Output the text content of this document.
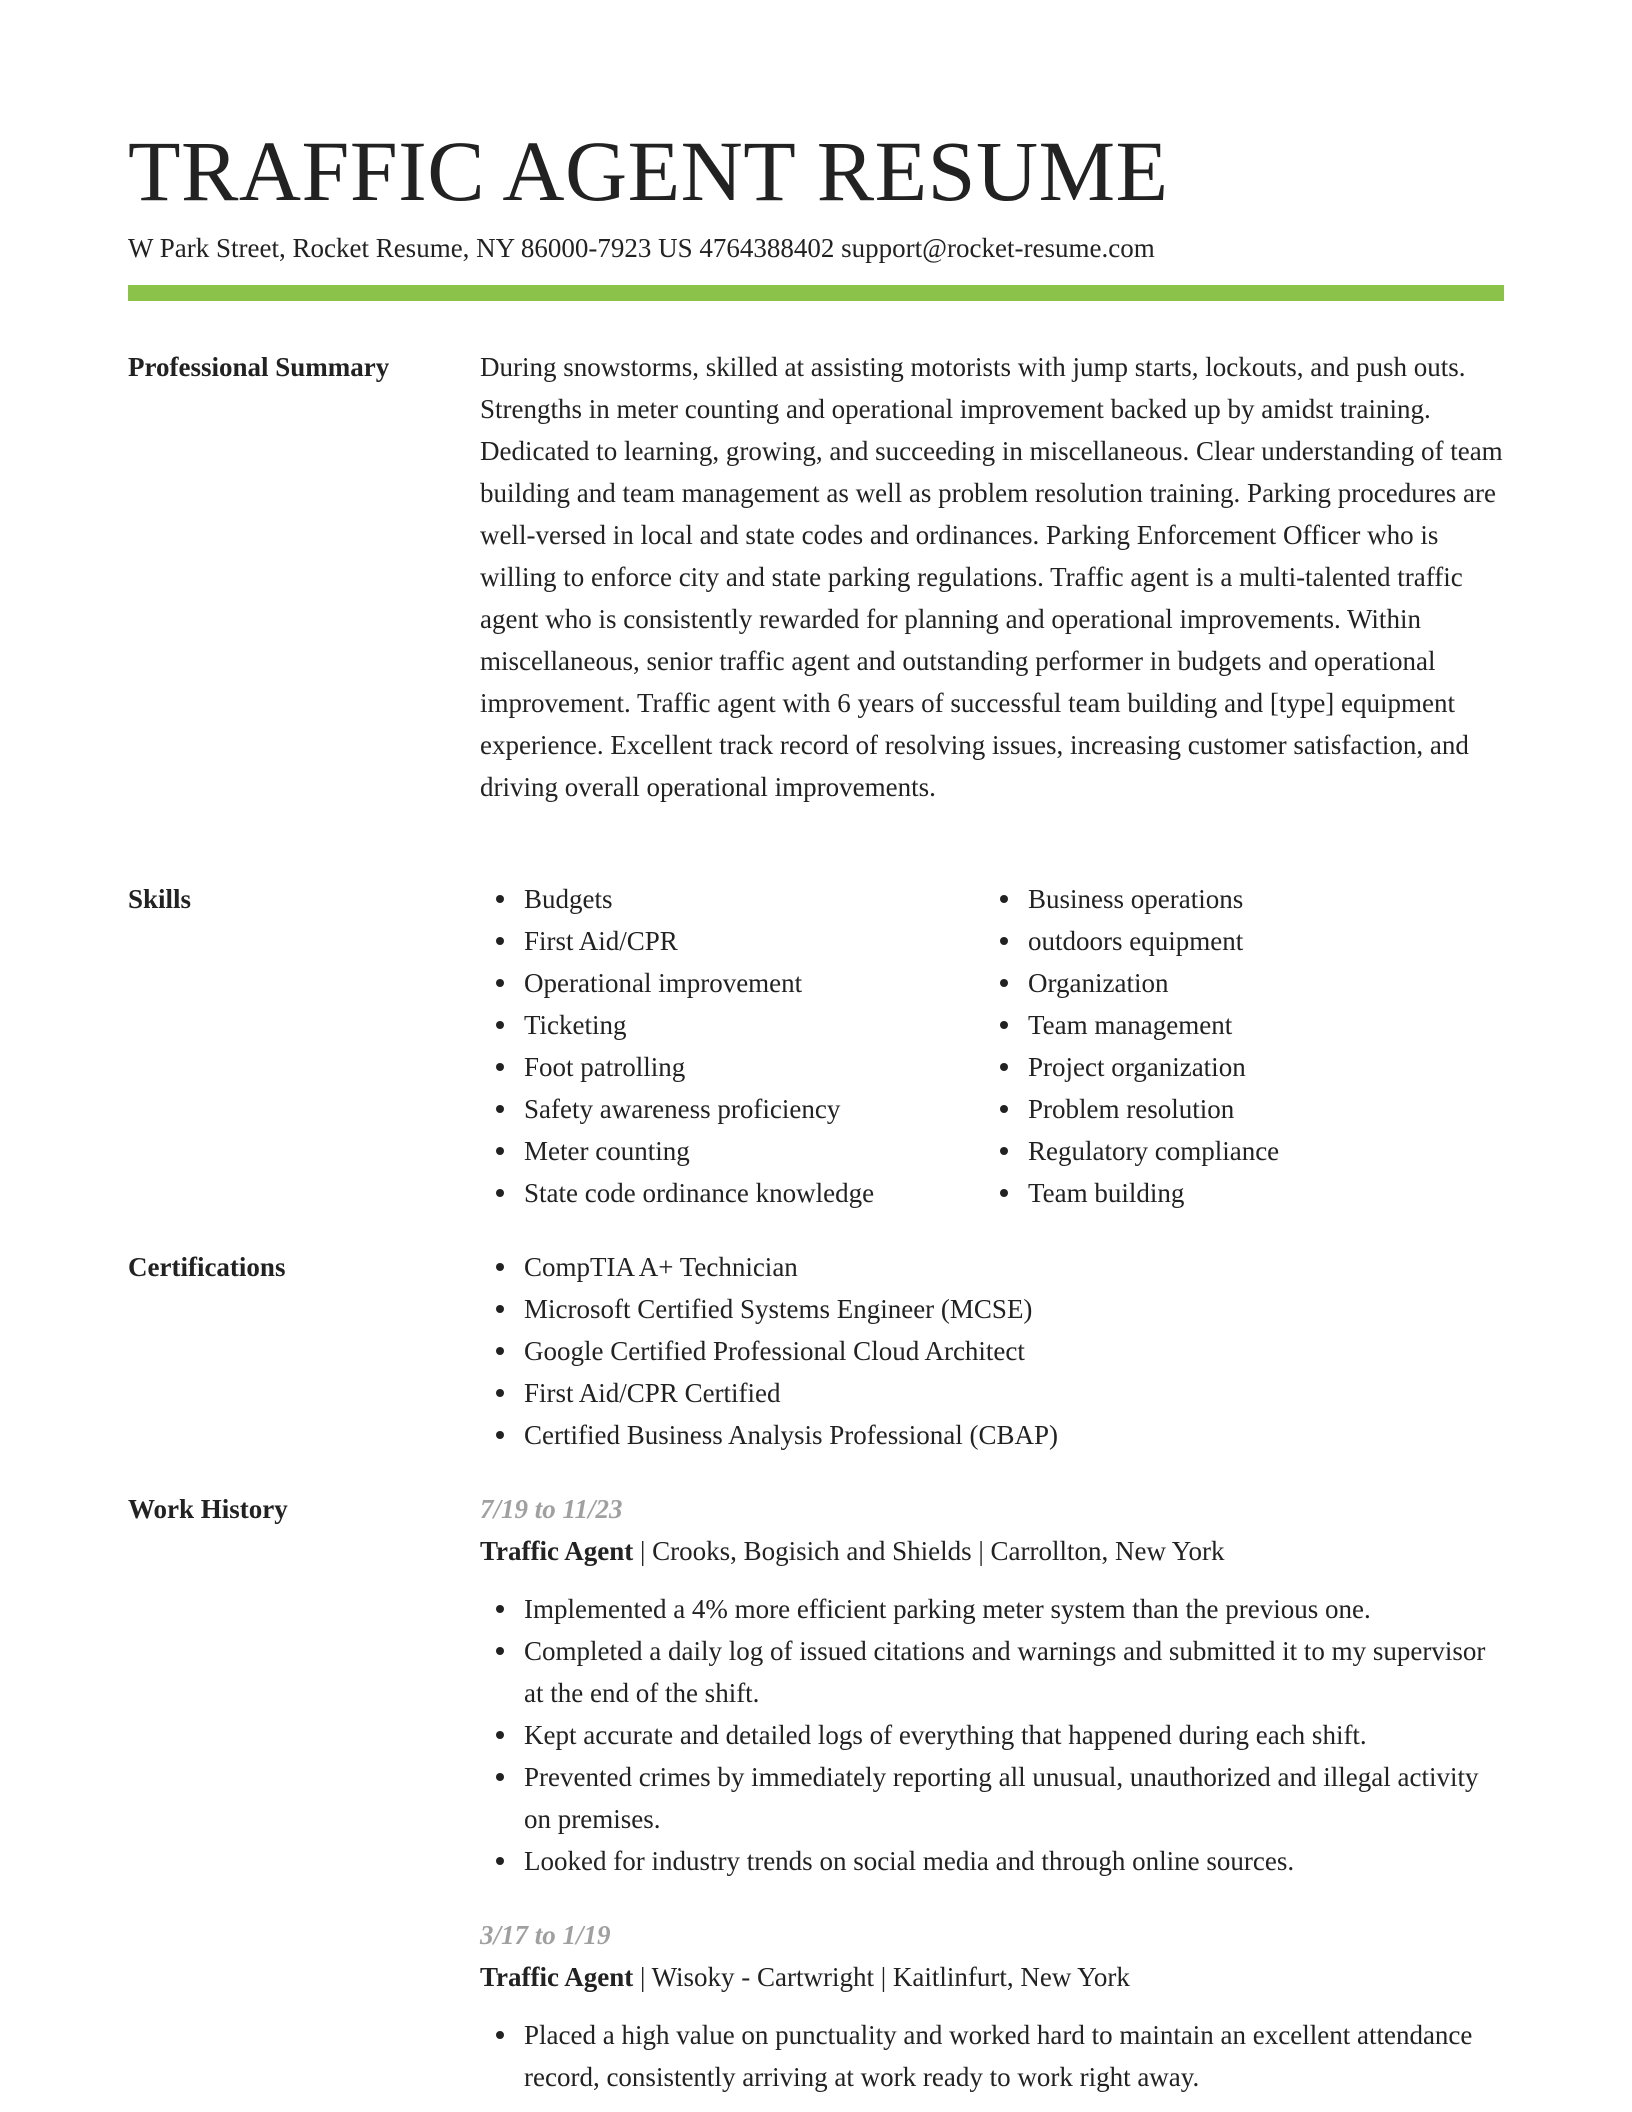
TRAFFIC AGENT RESUME
W Park Street, Rocket Resume, NY 86000-7923 US 4764388402 support@rocket-resume.com
Professional Summary	During snowstorms, skilled at assisting motorists with jump starts, lockouts, and push outs. Strengths in meter counting and operational improvement backed up by amidst training. Dedicated to learning, growing, and succeeding in miscellaneous. Clear understanding of team building and team management as well as problem resolution training. Parking procedures are well-versed in local and state codes and ordinances. Parking Enforcement Officer who is willing to enforce city and state parking regulations. Traffic agent is a multi-talented traffic agent who is consistently rewarded for planning and operational improvements. Within miscellaneous, senior traffic agent and outstanding performer in budgets and operational improvement. Traffic agent with 6 years of successful team building and [type] equipment experience. Excellent track record of resolving issues, increasing customer satisfaction, and driving overall operational improvements.

Skills	Budgets
First Aid/CPR
Operational improvement
Ticketing
Foot patrolling
Safety awareness proficiency
Meter counting
State code ordinance knowledge
Business operations
outdoors equipment
Organization
Team management
Project organization
Problem resolution
Regulatory compliance
Team building
Certifications	CompTIA A+ Technician
Microsoft Certified Systems Engineer (MCSE)
Google Certified Professional Cloud Architect
First Aid/CPR Certified
Certified Business Analysis Professional (CBAP)
Work History	7/19 to 11/23
Traffic Agent | Crooks, Bogisich and Shields | Carrollton, New York
Implemented a 4% more efficient parking meter system than the previous one.
Completed a daily log of issued citations and warnings and submitted it to my supervisor at the end of the shift.
Kept accurate and detailed logs of everything that happened during each shift.
Prevented crimes by immediately reporting all unusual, unauthorized and illegal activity on premises.
Looked for industry trends on social media and through online sources.
3/17 to 1/19
Traffic Agent | Wisoky - Cartwright | Kaitlinfurt, New York
Placed a high value on punctuality and worked hard to maintain an excellent attendance record, consistently arriving at work ready to work right away.
